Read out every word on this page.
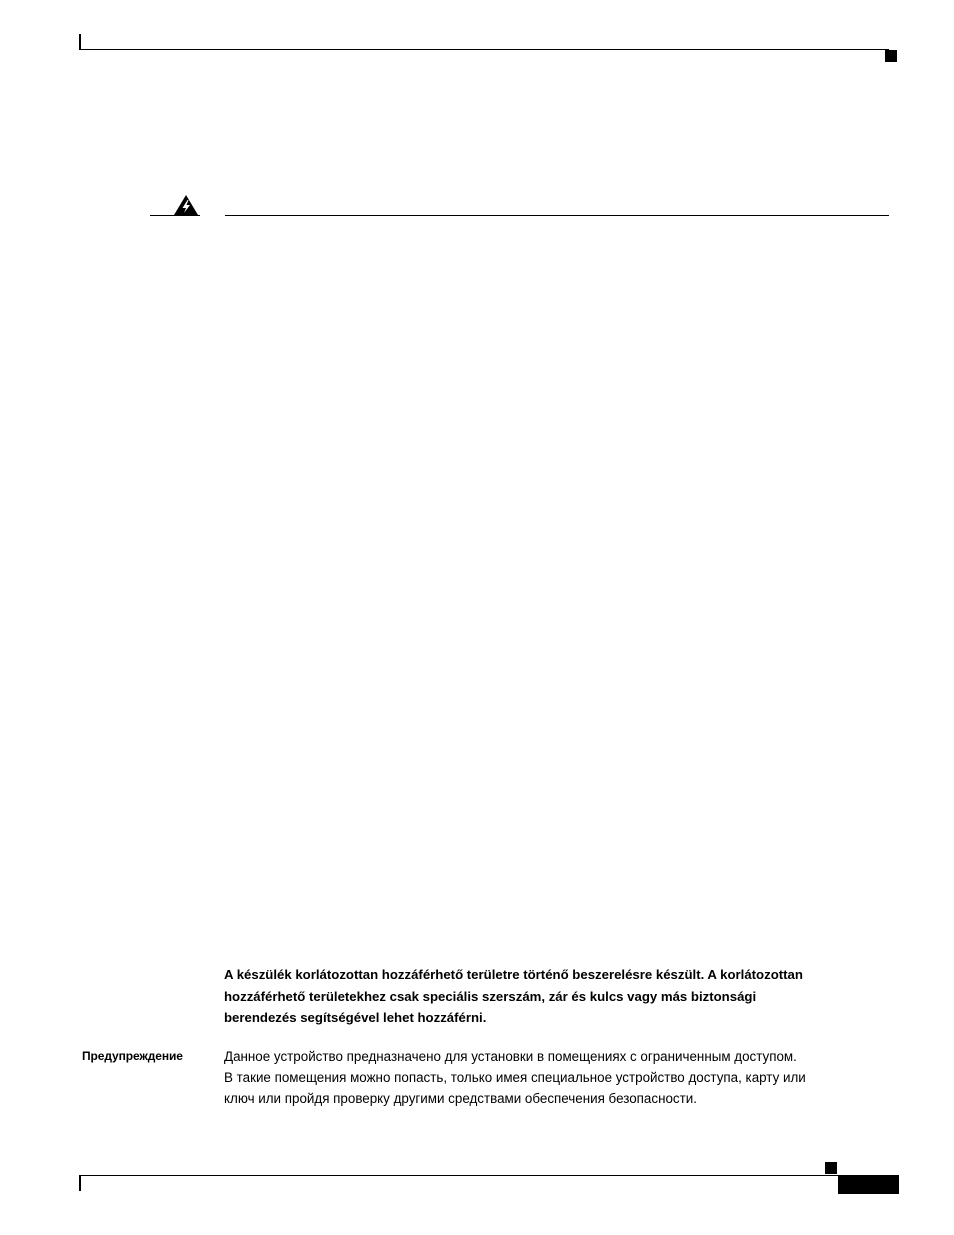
A készülék korlátozottan hozzáférhető területre történő beszerelésre készült. A korlátozottan
hozzáférhető területekhez csak speciális szerszám, zár és kulcs vagy más biztonsági
berendezés segítségével lehet hozzáférni.
Предупреждение	Данное устройство предназначено для установки в помещениях с ограниченным доступом.
В такие помещения можно попасть, только имея специальное устройство доступа, карту или
ключ или пройдя проверку другими средствами обеспечения безопасности.
